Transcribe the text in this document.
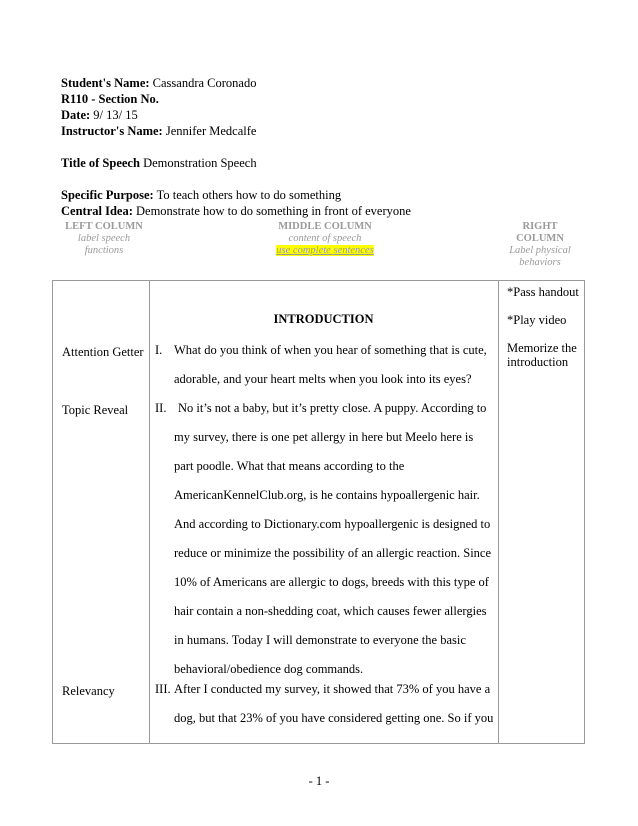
Student's Name: Cassandra Coronado
R110 - Section No.
Date: 9/ 13/ 15
Instructor's Name: Jennifer Medcalfe
Title of Speech Demonstration Speech
Specific Purpose: To teach others how to do something
Central Idea: Demonstrate how to do something in front of everyone
LEFT COLUMN
label speech
functions
MIDDLE COLUMN
content of speech
use complete sentences
RIGHT
COLUMN
Label physical
behaviors
INTRODUCTION
Attention Getter
Topic Reveal
Relevancy
I. What do you think of when you hear of something that is cute,
adorable, and your heart melts when you look into its eyes?
II. No it’s not a baby, but it’s pretty close. A puppy. According to
my survey, there is one pet allergy in here but Meelo here is
part poodle. What that means according to the
AmericanKennelClub.org, is he contains hypoallergenic hair.
And according to Dictionary.com hypoallergenic is designed to
reduce or minimize the possibility of an allergic reaction. Since
10% of Americans are allergic to dogs, breeds with this type of
hair contain a non-shedding coat, which causes fewer allergies
in humans. Today I will demonstrate to everyone the basic
behavioral/obedience dog commands.
III. After I conducted my survey, it showed that 73% of you have a
dog, but that 23% of you have considered getting one. So if you
*Pass handout
*Play video
Memorize the introduction
- 1 -
